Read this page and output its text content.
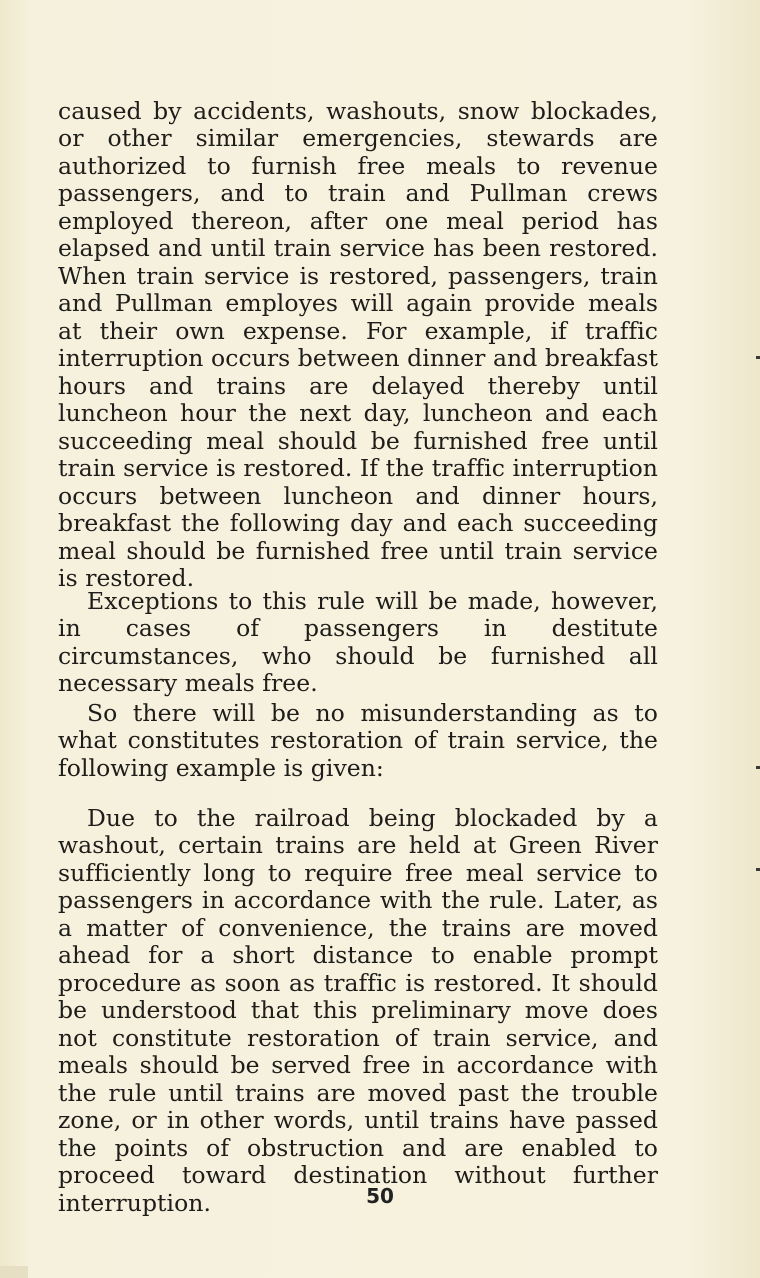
caused by accidents, washouts, snow blockades, or other similar emergencies, stewards are authorized to furnish free meals to revenue passengers, and to train and Pullman crews employed thereon, after one meal period has elapsed and until train service has been restored. When train service is restored, passengers, train and Pullman employes will again provide meals at their own expense. For example, if traffic interruption occurs between dinner and breakfast hours and trains are delayed thereby until luncheon hour the next day, luncheon and each succeeding meal should be furnished free until train service is restored. If the traffic interruption occurs between luncheon and dinner hours, breakfast the following day and each succeeding meal should be furnished free until train service is restored.

Exceptions to this rule will be made, however, in cases of passengers in destitute circumstances, who should be furnished all necessary meals free.

So there will be no misunderstanding as to what constitutes restoration of train service, the following example is given:

Due to the railroad being blockaded by a washout, certain trains are held at Green River sufficiently long to require free meal service to passengers in accordance with the rule. Later, as a matter of convenience, the trains are moved ahead for a short distance to enable prompt procedure as soon as traffic is restored. It should be understood that this preliminary move does not constitute restoration of train service, and meals should be served free in accordance with the rule until trains are moved past the trouble zone, or in other words, until trains have passed the points of obstruction and are enabled to proceed toward destination without further interruption.	50
